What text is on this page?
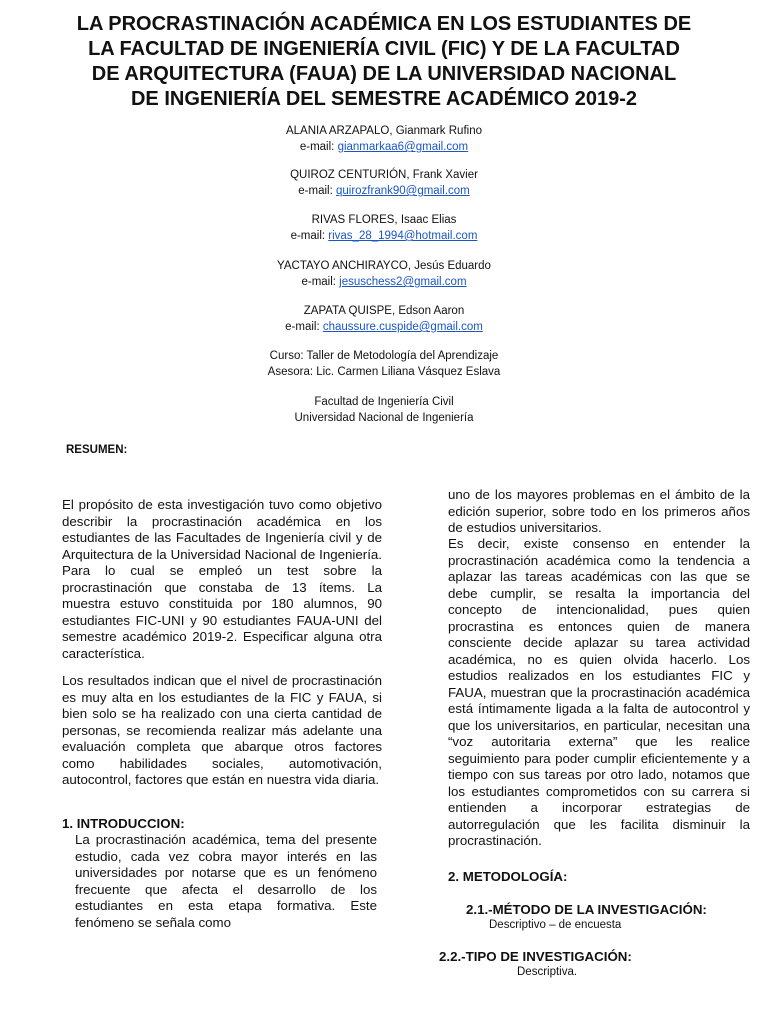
LA PROCRASTINACIÓN ACADÉMICA EN LOS ESTUDIANTES DE
LA FACULTAD DE INGENIERÍA CIVIL (FIC) Y DE LA FACULTAD
DE ARQUITECTURA (FAUA) DE LA UNIVERSIDAD NACIONAL
DE INGENIERÍA DEL SEMESTRE ACADÉMICO 2019-2
ALANIA ARZAPALO, Gianmark Rufino
e-mail: gianmarkaa6@gmail.com
QUIROZ CENTURIÓN, Frank Xavier
e-mail: quirozfrank90@gmail.com
RIVAS FLORES, Isaac Elias
e-mail: rivas_28_1994@hotmail.com
YACTAYO ANCHIRAYCO, Jesús Eduardo
e-mail: jesuschess2@gmail.com
ZAPATA QUISPE, Edson Aaron
e-mail: chaussure.cuspide@gmail.com
Curso: Taller de Metodología del Aprendizaje
Asesora: Lic. Carmen Liliana Vásquez Eslava
Facultad de Ingeniería Civil
Universidad Nacional de Ingeniería
RESUMEN:

El propósito de esta investigación tuvo como objetivo describir la procrastinación académica en los estudiantes de las Facultades de Ingeniería civil y de Arquitectura de la Universidad Nacional de Ingeniería. Para lo cual se empleó un test sobre la procrastinación que constaba de 13 ítems. La muestra estuvo constituida por 180 alumnos, 90 estudiantes FIC-UNI y 90 estudiantes FAUA-UNI del semestre académico 2019-2. Especificar alguna otra característica.

Los resultados indican que el nivel de procrastinación es muy alta en los estudiantes de la FIC y FAUA, si bien solo se ha realizado con una cierta cantidad de personas, se recomienda realizar más adelante una evaluación completa que abarque otros factores como habilidades sociales, automotivación, autocontrol, factores que están en nuestra vida diaria.

1. INTRODUCCION:

La procrastinación académica, tema del presente estudio, cada vez cobra mayor interés en las universidades por notarse que es un fenómeno frecuente que afecta el desarrollo de los estudiantes en esta etapa formativa. Este fenómeno se señala como

uno de los mayores problemas en el ámbito de la edición superior, sobre todo en los primeros años de estudios universitarios.

Es decir, existe consenso en entender la procrastinación académica como la tendencia a aplazar las tareas académicas con las que se debe cumplir, se resalta la importancia del concepto de intencionalidad, pues quien procrastina es entonces quien de manera consciente decide aplazar su tarea actividad académica, no es quien olvida hacerlo. Los estudios realizados en los estudiantes FIC y FAUA, muestran que la procrastinación académica está íntimamente ligada a la falta de autocontrol y que los universitarios, en particular, necesitan una “voz autoritaria externa” que les realice seguimiento para poder cumplir eficientemente y a tiempo con sus tareas por otro lado, notamos que los estudiantes comprometidos con su carrera si entienden a incorporar estrategias de autorregulación que les facilita disminuir la procrastinación.

2. METODOLOGÍA:
2.1.-MÉTODO DE LA INVESTIGACIÓN:
Descriptivo – de encuesta
2.2.-TIPO DE INVESTIGACIÓN:
Descriptiva.
